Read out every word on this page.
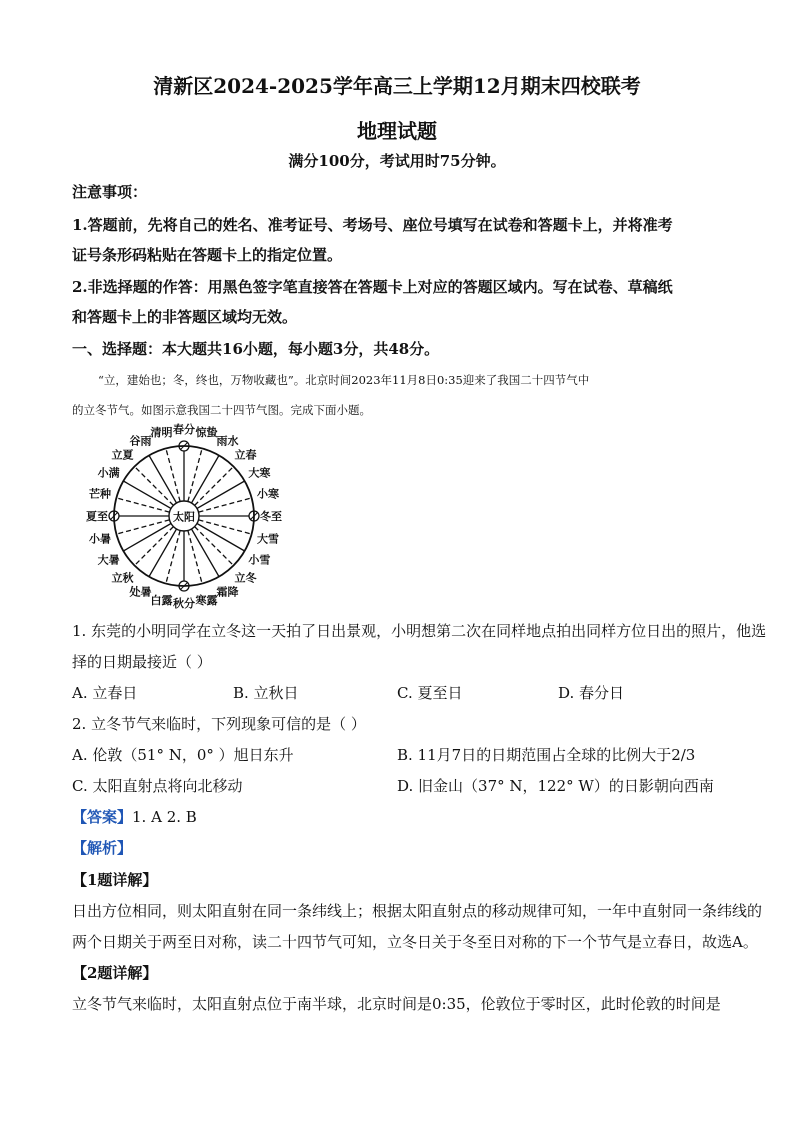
清新区2024-2025学年高三上学期12月期末四校联考
地理试题
满分100分，考试用时75分钟。
注意事项：
1.答题前，先将自己的姓名、准考证号、考场号、座位号填写在试卷和答题卡上，并将准考
证号条形码粘贴在答题卡上的指定位置。
2.非选择题的作答：用黑色签字笔直接答在答题卡上对应的答题区域内。写在试卷、草稿纸
和答题卡上的非答题区域均无效。
一、选择题：本大题共16小题，每小题3分，共48分。
“立，建始也；冬，终也，万物收藏也”。北京时间2023年11月8日0:35迎来了我国二十四节气中
的立冬节气。如图示意我国二十四节气图。完成下面小题。
太阳	冬至
小寒
大寒
立春
雨水
惊蛰
春分
清明
谷雨
立夏
小满
芒种
夏至
小暑
大暑
立秋
处暑
白露 秋分 寒露
霜降
立冬
小雪
大雪
1. 东莞的小明同学在立冬这一天拍了日出景观，小明想第二次在同样地点拍出同样方位日出的照片，他选
择的日期最接近（ ）
A. 立春日	B. 立秋日	C. 夏至日	D. 春分日
2. 立冬节气来临时，下列现象可信的是（ ）
A. 伦敦（51° N，0° ）旭日东升	B. 11月7日的日期范围占全球的比例大于2/3
C. 太阳直射点将向北移动	D. 旧金山（37° N，122° W）的日影朝向西南
【答案】1. A 2. B
【解析】
【1题详解】
日出方位相同，则太阳直射在同一条纬线上；根据太阳直射点的移动规律可知，一年中直射同一条纬线的
两个日期关于两至日对称，读二十四节气可知，立冬日关于冬至日对称的下一个节气是立春日，故选A。
【2题详解】
立冬节气来临时，太阳直射点位于南半球，北京时间是0:35，伦敦位于零时区，此时伦敦的时间是
